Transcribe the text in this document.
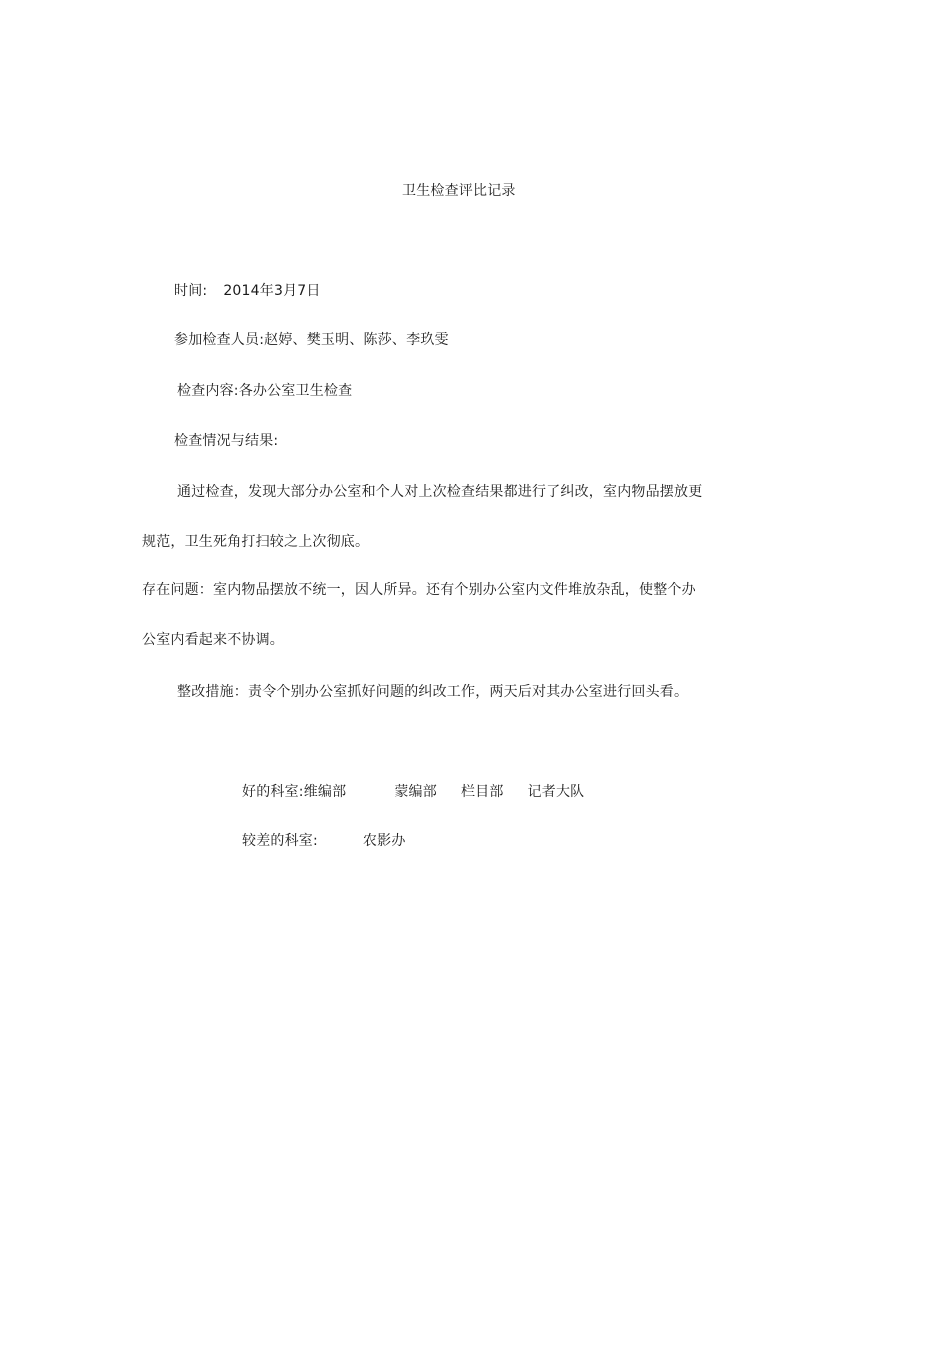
卫生检查评比记录
时间: 2014年3月7日
参加检查人员:赵婷、樊玉明、陈莎、李玖雯
检查内容:各办公室卫生检查
检查情况与结果:
通过检查，发现大部分办公室和个人对上次检查结果都进行了纠改，室内物品摆放更
规范，卫生死角打扫较之上次彻底。
存在问题：室内物品摆放不统一，因人所异。还有个别办公室内文件堆放杂乱，使整个办
公室内看起来不协调。
整改措施：责令个别办公室抓好问题的纠改工作，两天后对其办公室进行回头看。
好的科室:维编部	蒙编部 栏目部 记者大队
较差的科室:	农影办
